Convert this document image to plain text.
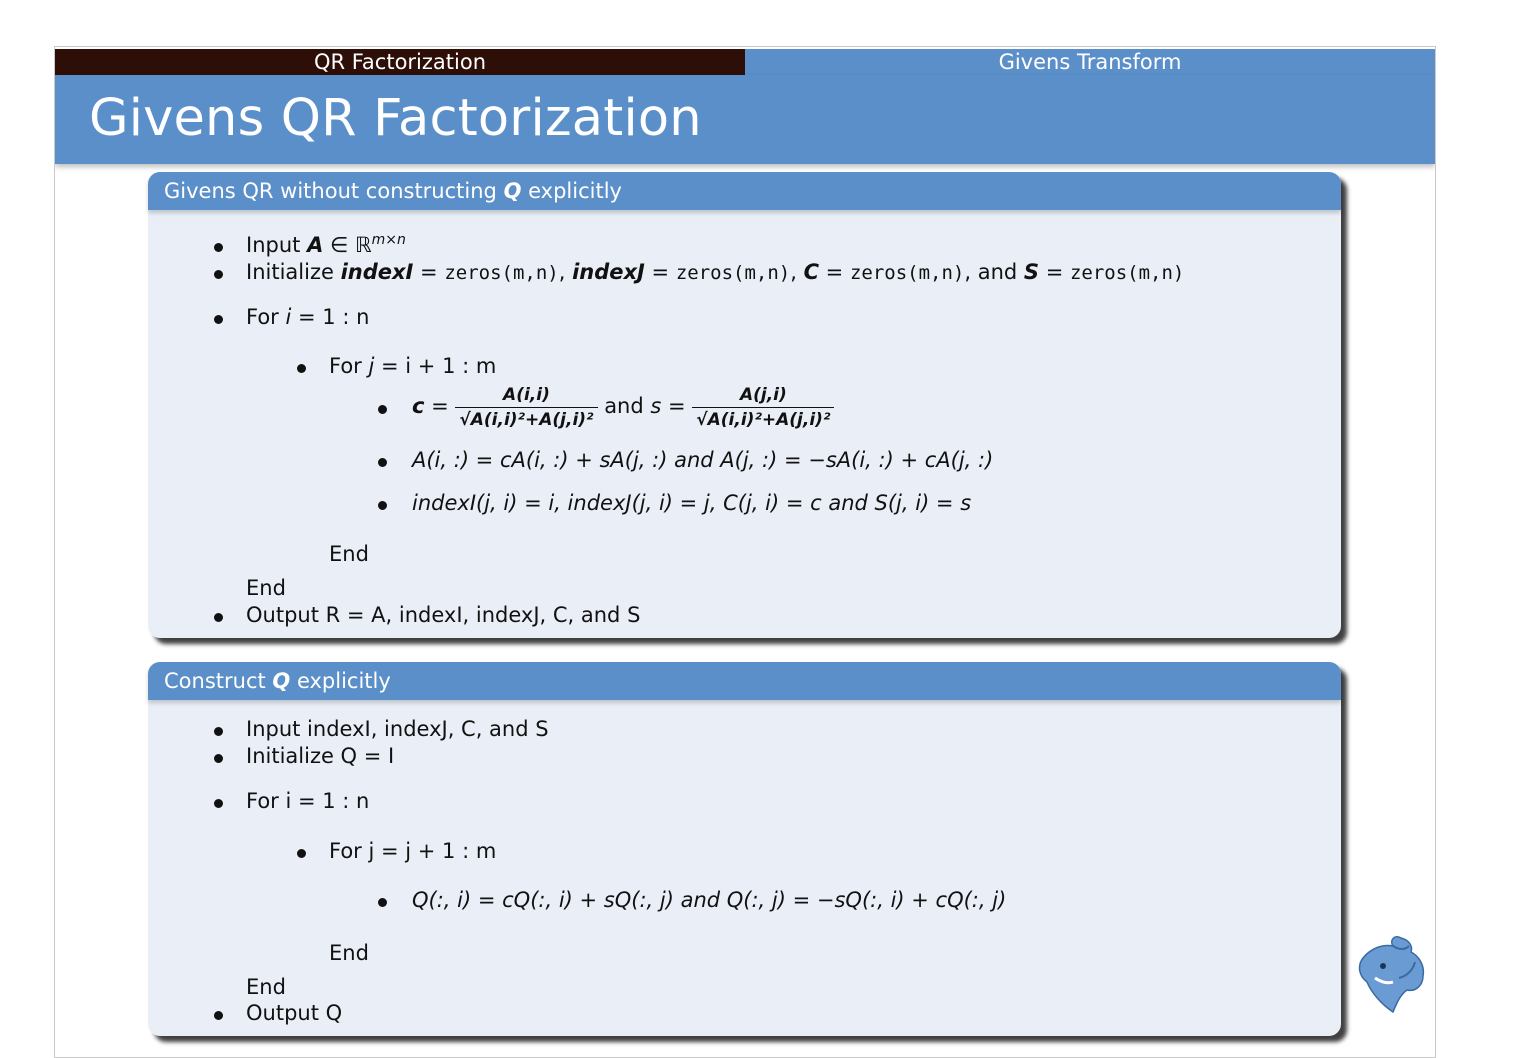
QR Factorization	Givens Transform
Givens QR Factorization
Givens QR without constructing Q explicitly
Input A ∈ ℝ$^{m\times n}$
Initialize indexI = zeros(m,n), indexJ = zeros(m,n), C = zeros(m,n), and S = zeros(m,n)
For i = 1 : n
For j = i + 1 : m
$c = \frac{A(i,i)}{\text{√A(i,i)²+A(j,i)²}}$ and $s = \frac{A(j,i)}{\text{√A(i,i)²+A(j,i)²}}$
A(i, :) = cA(i, :) + sA(j, :) and A(j, :) = −sA(i, :) + cA(j, :)
indexI(j, i) = i, indexJ(j, i) = j, C(j, i) = c and S(j, i) = s
End
End
Output R = A, indexI, indexJ, C, and S
Construct Q explicitly
Input indexI, indexJ, C, and S
Initialize Q = I
For i = 1 : n
For j = j + 1 : m
Q(:, i) = cQ(:, i) + sQ(:, j) and Q(:, j) = −sQ(:, i) + cQ(:, j)
End
End
Output Q
